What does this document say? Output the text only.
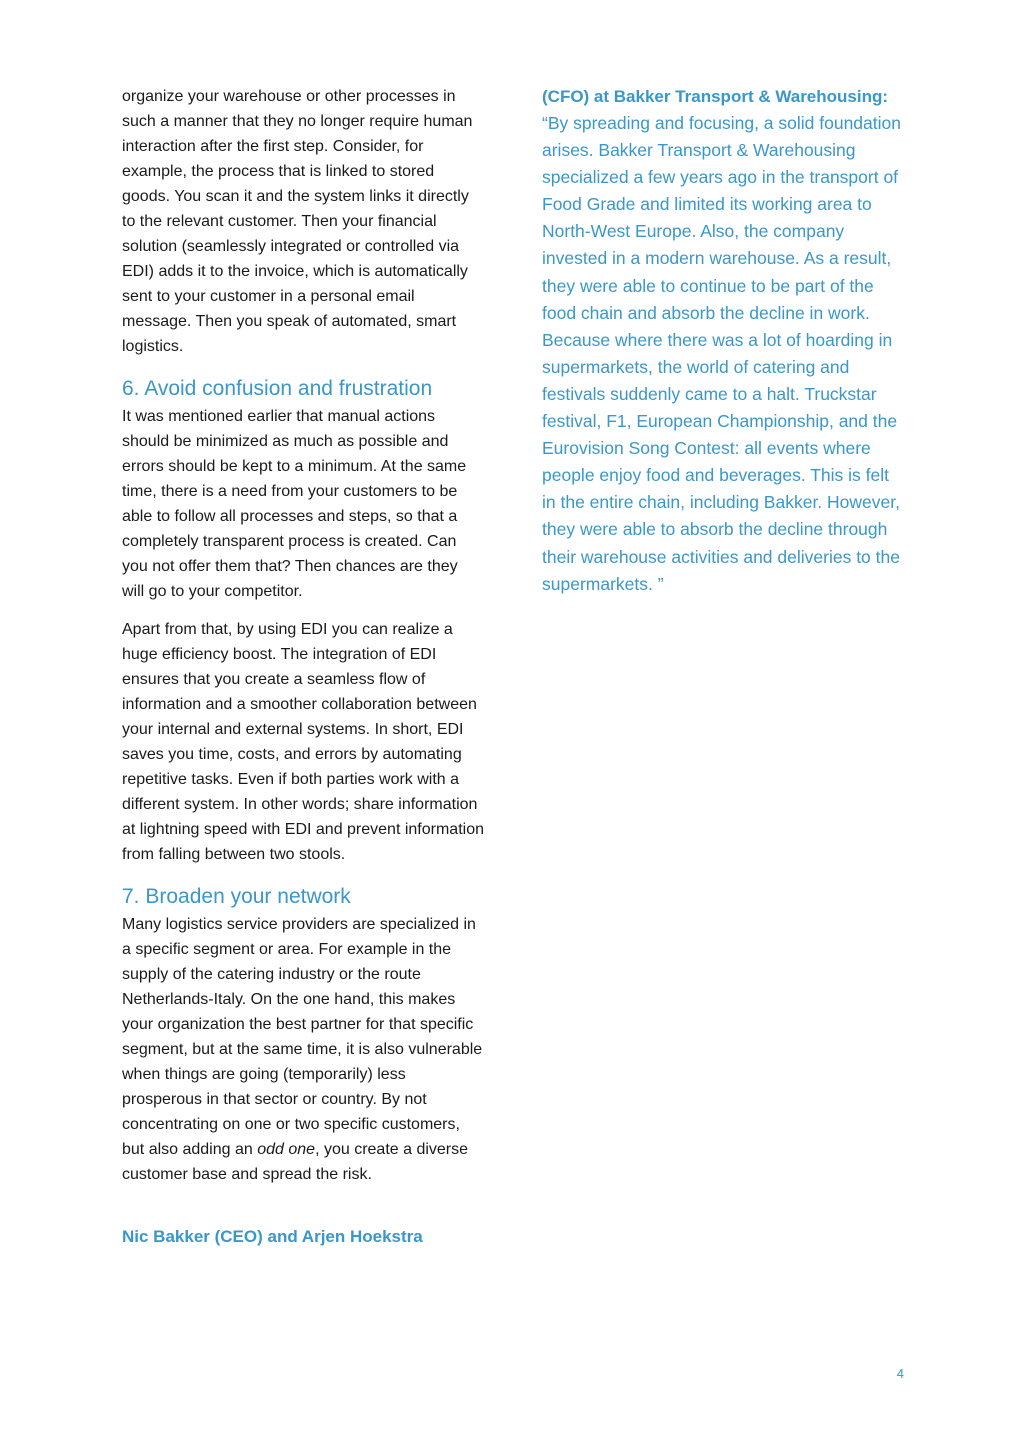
organize your warehouse or other processes in such a manner that they no longer require human interaction after the first step. Consider, for example, the process that is linked to stored goods. You scan it and the system links it directly to the relevant customer. Then your financial solution (seamlessly integrated or controlled via EDI) adds it to the invoice, which is automatically sent to your customer in a personal email message. Then you speak of automated, smart logistics.

6. Avoid confusion and frustration

It was mentioned earlier that manual actions should be minimized as much as possible and errors should be kept to a minimum. At the same time, there is a need from your customers to be able to follow all processes and steps, so that a completely transparent process is created. Can you not offer them that? Then chances are they will go to your competitor.

Apart from that, by using EDI you can realize a huge efficiency boost. The integration of EDI ensures that you create a seamless flow of information and a smoother collaboration between your internal and external systems. In short, EDI saves you time, costs, and errors by automating repetitive tasks. Even if both parties work with a different system. In other words; share information at lightning speed with EDI and prevent information from falling between two stools.

7. Broaden your network

Many logistics service providers are specialized in a specific segment or area. For example in the supply of the catering industry or the route Netherlands-Italy. On the one hand, this makes your organization the best partner for that specific segment, but at the same time, it is also vulnerable when things are going (temporarily) less prosperous in that sector or country. By not concentrating on one or two specific customers, but also adding an odd one, you create a diverse customer base and spread the risk.

Nic Bakker (CEO) and Arjen Hoekstra

(CFO) at Bakker Transport & Warehousing:

“By spreading and focusing, a solid foundation arises. Bakker Transport & Warehousing specialized a few years ago in the transport of Food Grade and limited its working area to North-West Europe. Also, the company invested in a modern warehouse. As a result, they were able to continue to be part of the food chain and absorb the decline in work. Because where there was a lot of hoarding in supermarkets, the world of catering and festivals suddenly came to a halt. Truckstar festival, F1, European Championship, and the Eurovision Song Contest: all events where people enjoy food and beverages. This is felt in the entire chain, including Bakker. However, they were able to absorb the decline through their warehouse activities and deliveries to the supermarkets. ”

4
